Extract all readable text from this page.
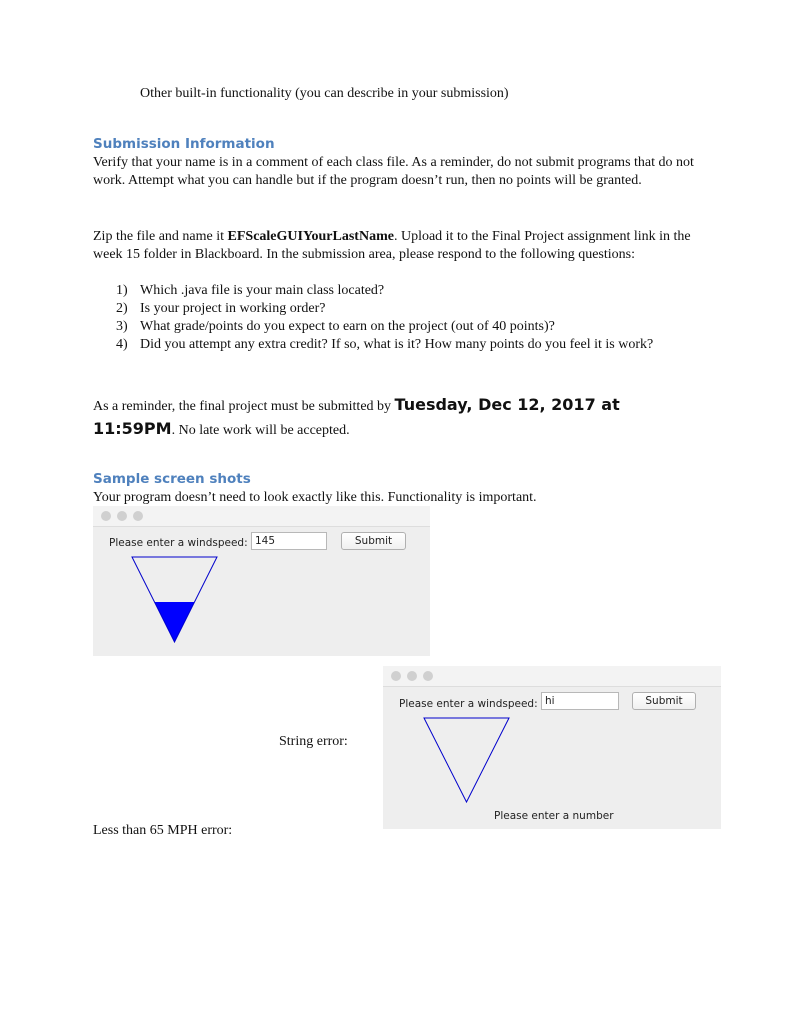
Other built-in functionality (you can describe in your submission)
Submission Information
Verify that your name is in a comment of each class file. As a reminder, do not submit programs that do not work. Attempt what you can handle but if the program doesn’t run, then no points will be granted.
Zip the file and name it EFScaleGUIYourLastName. Upload it to the Final Project assignment link in the week 15 folder in Blackboard. In the submission area, please respond to the following questions:
1) Which .java file is your main class located?
2) Is your project in working order?
3) What grade/points do you expect to earn on the project (out of 40 points)?
4) Did you attempt any extra credit? If so, what is it? How many points do you feel it is work?
As a reminder, the final project must be submitted by Tuesday, Dec 12, 2017 at 11:59PM. No late work will be accepted.
Sample screen shots
Your program doesn’t need to look exactly like this. Functionality is important.
Please enter a windspeed: 145	Submit
String error:
Please enter a windspeed: hi	Submit
Please enter a number
Less than 65 MPH error:
